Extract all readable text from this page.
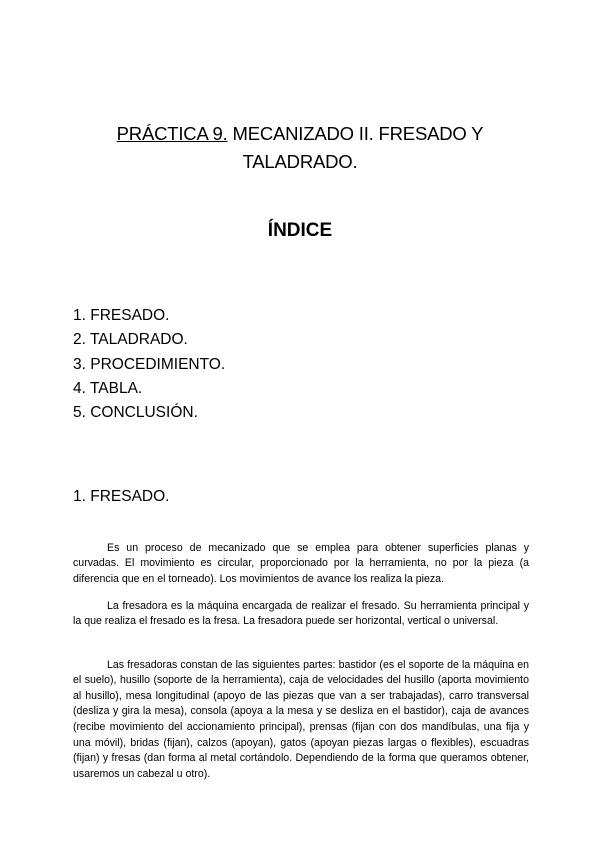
PRÁCTICA 9. MECANIZADO II. FRESADO Y TALADRADO.
ÍNDICE
1. FRESADO.
2. TALADRADO.
3. PROCEDIMIENTO.
4. TABLA.
5. CONCLUSIÓN.
1. FRESADO.

Es un proceso de mecanizado que se emplea para obtener superficies planas y curvadas. El movimiento es circular, proporcionado por la herramienta, no por la pieza (a diferencia que en el torneado). Los movimientos de avance los realiza la pieza.

La fresadora es la máquina encargada de realizar el fresado. Su herramienta principal y la que realiza el fresado es la fresa. La fresadora puede ser horizontal, vertical o universal.

Las fresadoras constan de las siguientes partes: bastidor (es el soporte de la máquina en el suelo), husillo (soporte de la herramienta), caja de velocidades del husillo (aporta movimiento al husillo), mesa longitudinal (apoyo de las piezas que van a ser trabajadas), carro transversal (desliza y gira la mesa), consola (apoya a la mesa y se desliza en el bastidor), caja de avances (recibe movimiento del accionamiento principal), prensas (fijan con dos mandíbulas, una fija y una móvil), bridas (fijan), calzos (apoyan), gatos (apoyan piezas largas o flexibles), escuadras (fijan) y fresas (dan forma al metal cortándolo. Dependiendo de la forma que queramos obtener, usaremos un cabezal u otro).
